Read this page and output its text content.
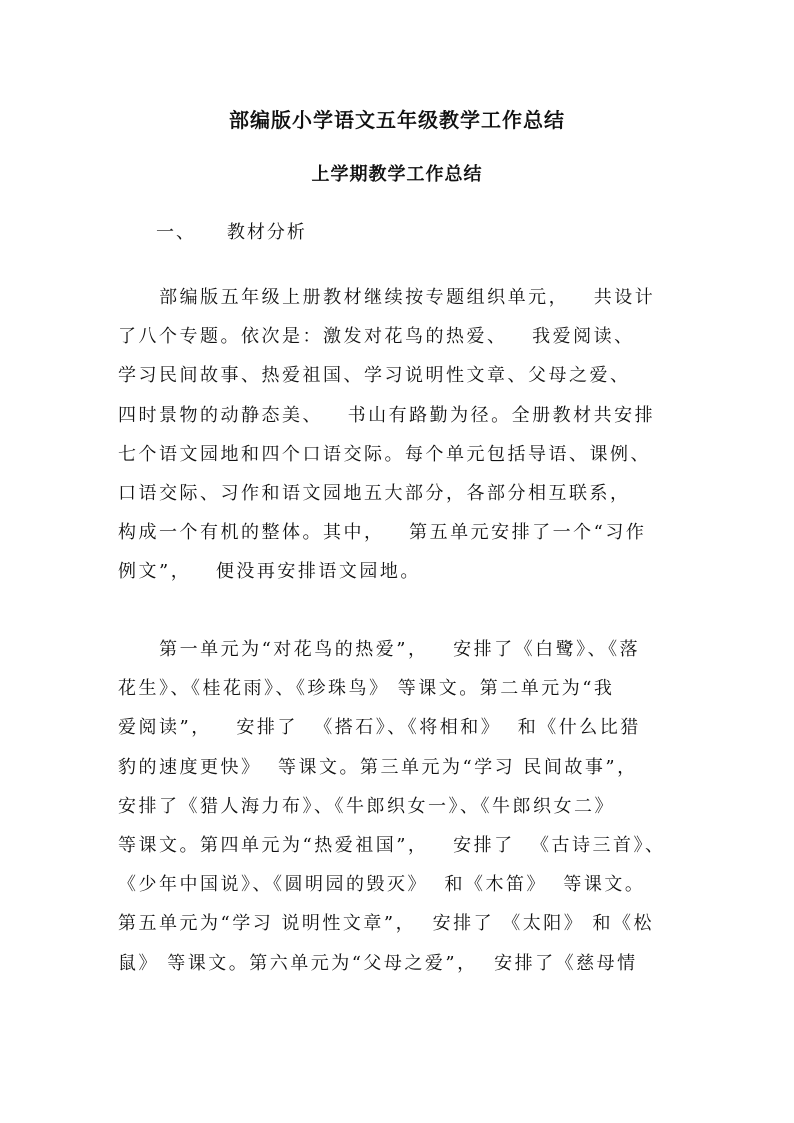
部编版小学语文五年级教学工作总结
上学期教学工作总结
一、    教材分析
部编版五年级上册教材继续按专题组织单元，   共设计
了八个专题。依次是：激发对花鸟的热爱、   我爱阅读、
学习民间故事、热爱祖国、学习说明性文章、父母之爱、
四时景物的动静态美、   书山有路勤为径。全册教材共安排
七个语文园地和四个口语交际。每个单元包括导语、课例、
口语交际、习作和语文园地五大部分，各部分相互联系，
构成一个有机的整体。其中，   第五单元安排了一个“习作
例文”，   便没再安排语文园地。
第一单元为“对花鸟的热爱”，   安排了《白鹭》、《落
花生》、《桂花雨》、《珍珠鸟》 等课文。第二单元为“我
爱阅读”，   安排了  《搭石》、《将相和》  和《什么比猎
豹的速度更快》  等课文。第三单元为“学习 民间故事”，
安排了《猎人海力布》、《牛郎织女一》、《牛郎织女二》
等课文。第四单元为“热爱祖国”，   安排了  《古诗三首》、
《少年中国说》、《圆明园的毁灭》  和《木笛》  等课文。
第五单元为“学习 说明性文章”，  安排了 《太阳》 和《松
鼠》 等课文。第六单元为“父母之爱”，  安排了《慈母情
